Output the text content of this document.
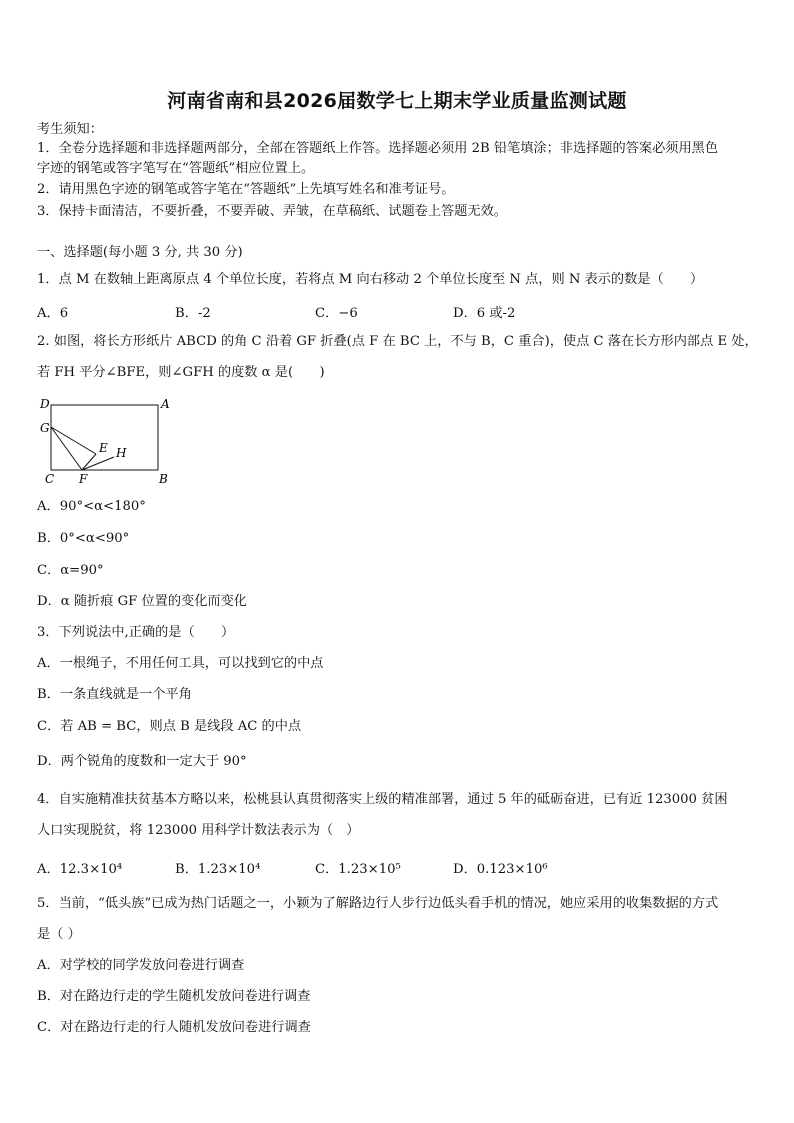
河南省南和县2026届数学七上期末学业质量监测试题
考生须知：
1．全卷分选择题和非选择题两部分，全部在答题纸上作答。选择题必须用 2B 铅笔填涂；非选择题的答案必须用黑色
字迹的钢笔或答字笔写在“答题纸”相应位置上。
2．请用黑色字迹的钢笔或答字笔在“答题纸”上先填写姓名和准考证号。
3．保持卡面清洁，不要折叠，不要弄破、弄皱，在草稿纸、试题卷上答题无效。
一、选择题(每小题 3 分, 共 30 分)
1．点 M 在数轴上距离原点 4 个单位长度，若将点 M 向右移动 2 个单位长度至 N 点，则 N 表示的数是（　　）
A．6	B．-2	C．−6	D．6 或-2
2. 如图，将长方形纸片 ABCD 的角 C 沿着 GF 折叠(点 F 在 BC 上，不与 B，C 重合)，使点 C 落在长方形内部点 E 处，
若 FH 平分∠BFE，则∠GFH 的度数 α 是(　　)
D	A
G
E H
C F	B
A．90°<α<180°
B．0°<α<90°
C．α=90°
D．α 随折痕 GF 位置的变化而变化
3．下列说法中,正确的是（　　）
A．一根绳子，不用任何工具，可以找到它的中点
B．一条直线就是一个平角
C．若 AB = BC，则点 B 是线段 AC 的中点
D．两个锐角的度数和一定大于 90°
4．自实施精准扶贫基本方略以来，松桃县认真贯彻落实上级的精准部署，通过 5 年的砥砺奋进，已有近 123000 贫困
人口实现脱贫，将 123000 用科学计数法表示为（　）
A．12.3×10⁴	B．1.23×10⁴	C．1.23×10⁵	D．0.123×10⁶
5．当前，“低头族”已成为热门话题之一，小颖为了解路边行人步行边低头看手机的情况，她应采用的收集数据的方式
是（ ）
A．对学校的同学发放问卷进行调查
B．对在路边行走的学生随机发放问卷进行调查
C．对在路边行走的行人随机发放问卷进行调查
